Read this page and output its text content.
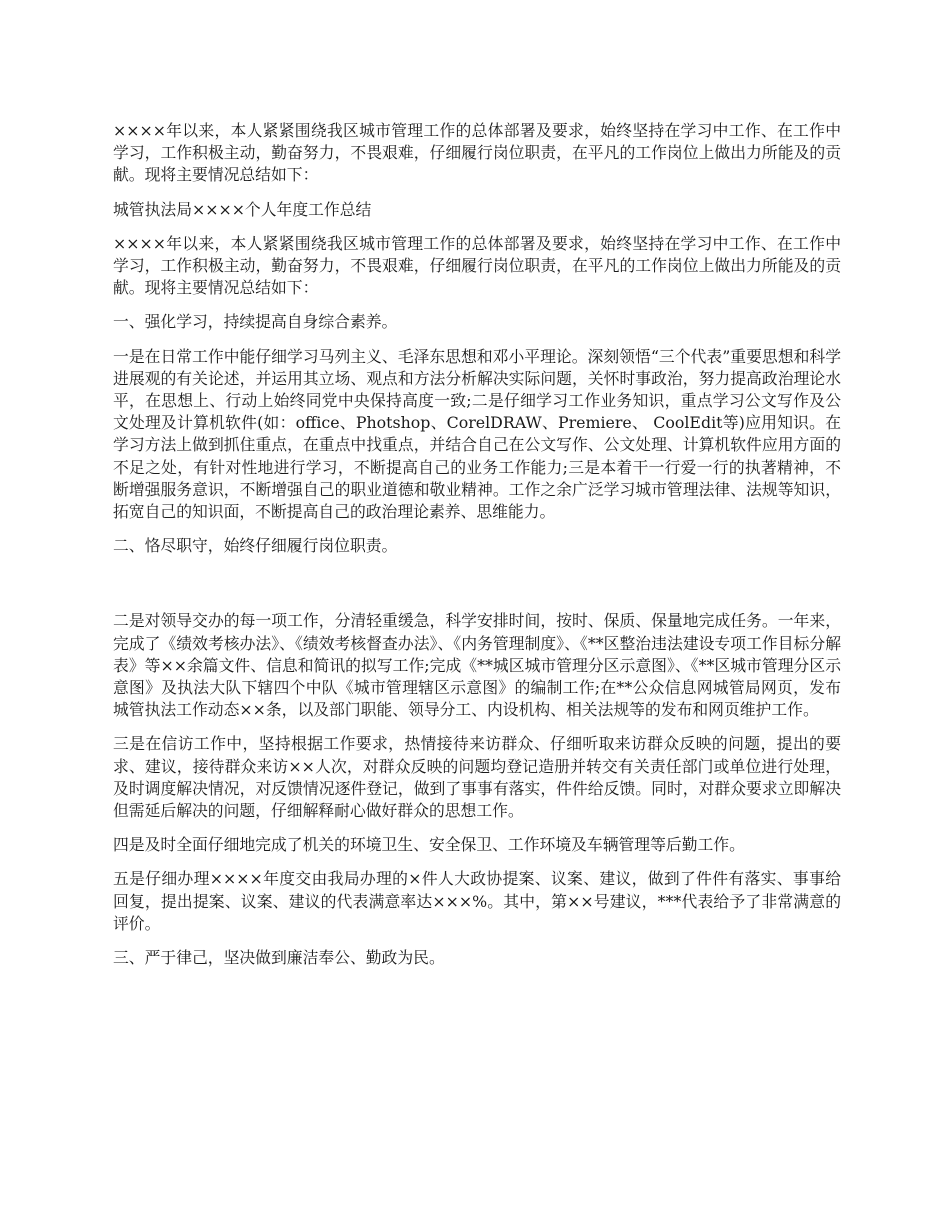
××××年以来，本人紧紧围绕我区城市管理工作的总体部署及要求，始终坚持在学习中工作、在工作中学习，工作积极主动，勤奋努力，不畏艰难，仔细履行岗位职责，在平凡的工作岗位上做出力所能及的贡献。现将主要情况总结如下：

城管执法局××××个人年度工作总结

××××年以来，本人紧紧围绕我区城市管理工作的总体部署及要求，始终坚持在学习中工作、在工作中学习，工作积极主动，勤奋努力，不畏艰难，仔细履行岗位职责，在平凡的工作岗位上做出力所能及的贡献。现将主要情况总结如下：

一、强化学习，持续提高自身综合素养。

一是在日常工作中能仔细学习马列主义、毛泽东思想和邓小平理论。深刻领悟“三个代表”重要思想和科学进展观的有关论述，并运用其立场、观点和方法分析解决实际问题，关怀时事政治，努力提高政治理论水平，在思想上、行动上始终同党中央保持高度一致;二是仔细学习工作业务知识，重点学习公文写作及公文处理及计算机软件(如：office、Photshop、CorelDRAW、Premiere、 CoolEdit等)应用知识。在学习方法上做到抓住重点，在重点中找重点，并结合自己在公文写作、公文处理、计算机软件应用方面的不足之处，有针对性地进行学习，不断提高自己的业务工作能力;三是本着干一行爱一行的执著精神，不断增强服务意识，不断增强自己的职业道德和敬业精神。工作之余广泛学习城市管理法律、法规等知识，拓宽自己的知识面，不断提高自己的政治理论素养、思维能力。

二、恪尽职守，始终仔细履行岗位职责。

二是对领导交办的每一项工作，分清轻重缓急，科学安排时间，按时、保质、保量地完成任务。一年来，完成了《绩效考核办法》、《绩效考核督查办法》、《内务管理制度》、《**区整治违法建设专项工作目标分解表》等××余篇文件、信息和简讯的拟写工作;完成《**城区城市管理分区示意图》、《**区城市管理分区示意图》及执法大队下辖四个中队《城市管理辖区示意图》的编制工作;在**公众信息网城管局网页，发布城管执法工作动态××条，以及部门职能、领导分工、内设机构、相关法规等的发布和网页维护工作。

三是在信访工作中，坚持根据工作要求，热情接待来访群众、仔细听取来访群众反映的问题，提出的要求、建议，接待群众来访××人次，对群众反映的问题均登记造册并转交有关责任部门或单位进行处理，及时调度解决情况，对反馈情况逐件登记，做到了事事有落实，件件给反馈。同时，对群众要求立即解决但需延后解决的问题，仔细解释耐心做好群众的思想工作。

四是及时全面仔细地完成了机关的环境卫生、安全保卫、工作环境及车辆管理等后勤工作。

五是仔细办理××××年度交由我局办理的×件人大政协提案、议案、建议，做到了件件有落实、事事给回复，提出提案、议案、建议的代表满意率达×××%。其中，第××号建议，***代表给予了非常满意的评价。

三、严于律己，坚决做到廉洁奉公、勤政为民。
